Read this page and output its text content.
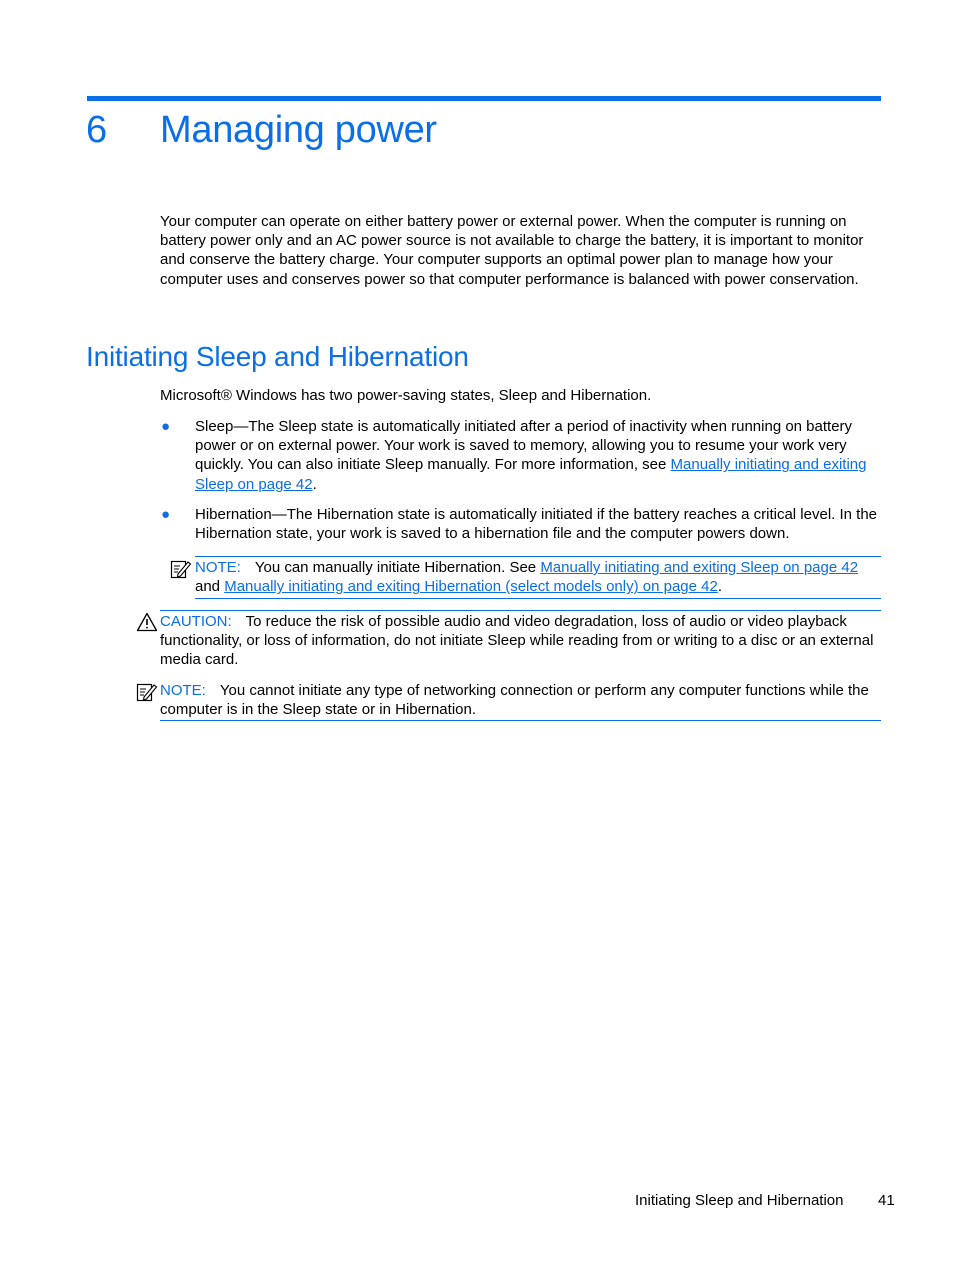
6 Managing power
Your computer can operate on either battery power or external power. When the computer is running on battery power only and an AC power source is not available to charge the battery, it is important to monitor and conserve the battery charge. Your computer supports an optimal power plan to manage how your computer uses and conserves power so that computer performance is balanced with power conservation.
Initiating Sleep and Hibernation
Microsoft® Windows has two power-saving states, Sleep and Hibernation.
● Sleep—The Sleep state is automatically initiated after a period of inactivity when running on battery power or on external power. Your work is saved to memory, allowing you to resume your work very quickly. You can also initiate Sleep manually. For more information, see Manually initiating and exiting Sleep on page 42.
● Hibernation—The Hibernation state is automatically initiated if the battery reaches a critical level. In the Hibernation state, your work is saved to a hibernation file and the computer powers down.
NOTE: You can manually initiate Hibernation. See Manually initiating and exiting Sleep on page 42 and Manually initiating and exiting Hibernation (select models only) on page 42.
CAUTION: To reduce the risk of possible audio and video degradation, loss of audio or video playback functionality, or loss of information, do not initiate Sleep while reading from or writing to a disc or an external media card.
NOTE: You cannot initiate any type of networking connection or perform any computer functions while the computer is in the Sleep state or in Hibernation.
Initiating Sleep and Hibernation 41
